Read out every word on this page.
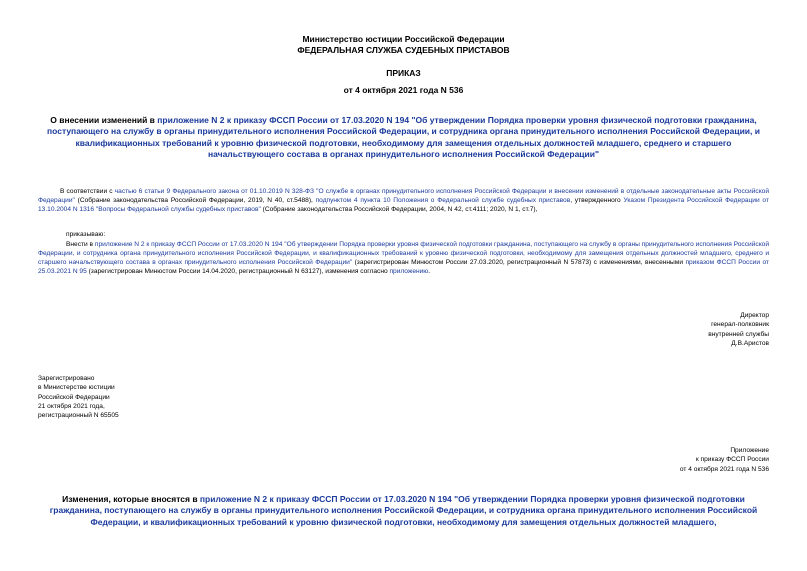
Министерство юстиции Российской Федерации
ФЕДЕРАЛЬНАЯ СЛУЖБА СУДЕБНЫХ ПРИСТАВОВ
ПРИКАЗ
от 4 октября 2021 года N 536
О внесении изменений в приложение N 2 к приказу ФССП России от 17.03.2020 N 194 "Об утверждении Порядка проверки уровня физической подготовки гражданина, поступающего на службу в органы принудительного исполнения Российской Федерации, и сотрудника органа принудительного исполнения Российской Федерации, и квалификационных требований к уровню физической подготовки, необходимому для замещения отдельных должностей младшего, среднего и старшего начальствующего состава в органах принудительного исполнения Российской Федерации"
В соответствии с частью 6 статьи 9 Федерального закона от 01.10.2019 N 328-ФЗ "О службе в органах принудительного исполнения Российской Федерации и внесении изменений в отдельные законодательные акты Российской Федерации" (Собрание законодательства Российской Федерации, 2019, N 40, ст.5488), подпунктом 4 пункта 10 Положения о Федеральной службе судебных приставов, утвержденного Указом Президента Российской Федерации от 13.10.2004 N 1316 "Вопросы Федеральной службы судебных приставов" (Собрание законодательства Российской Федерации, 2004, N 42, ст.4111; 2020, N 1, ст.7),
приказываю:
Внести в приложение N 2 к приказу ФССП России от 17.03.2020 N 194 "Об утверждении Порядка проверки уровня физической подготовки гражданина, поступающего на службу в органы принудительного исполнения Российской Федерации, и сотрудника органа принудительного исполнения Российской Федерации, и квалификационных требований к уровню физической подготовки, необходимому для замещения отдельных должностей младшего, среднего и старшего начальствующего состава в органах принудительного исполнения Российской Федерации" (зарегистрирован Минюстом России 27.03.2020, регистрационный N 57873) с изменениями, внесенными приказом ФССП России от 25.03.2021 N 95 (зарегистрирован Минюстом России 14.04.2020, регистрационный N 63127), изменения согласно приложению.
Директор
генерал-полковник
внутренней службы
Д.В.Аристов
Зарегистрировано
в Министерстве юстиции
Российской Федерации
21 октября 2021 года,
регистрационный N 65505
Приложение
к приказу ФССП России
от 4 октября 2021 года N 536
Изменения, которые вносятся в приложение N 2 к приказу ФССП России от 17.03.2020 N 194 "Об утверждении Порядка проверки уровня физической подготовки гражданина, поступающего на службу в органы принудительного исполнения Российской Федерации, и сотрудника органа принудительного исполнения Российской Федерации, и квалификационных требований к уровню физической подготовки, необходимому для замещения отдельных должностей младшего,
